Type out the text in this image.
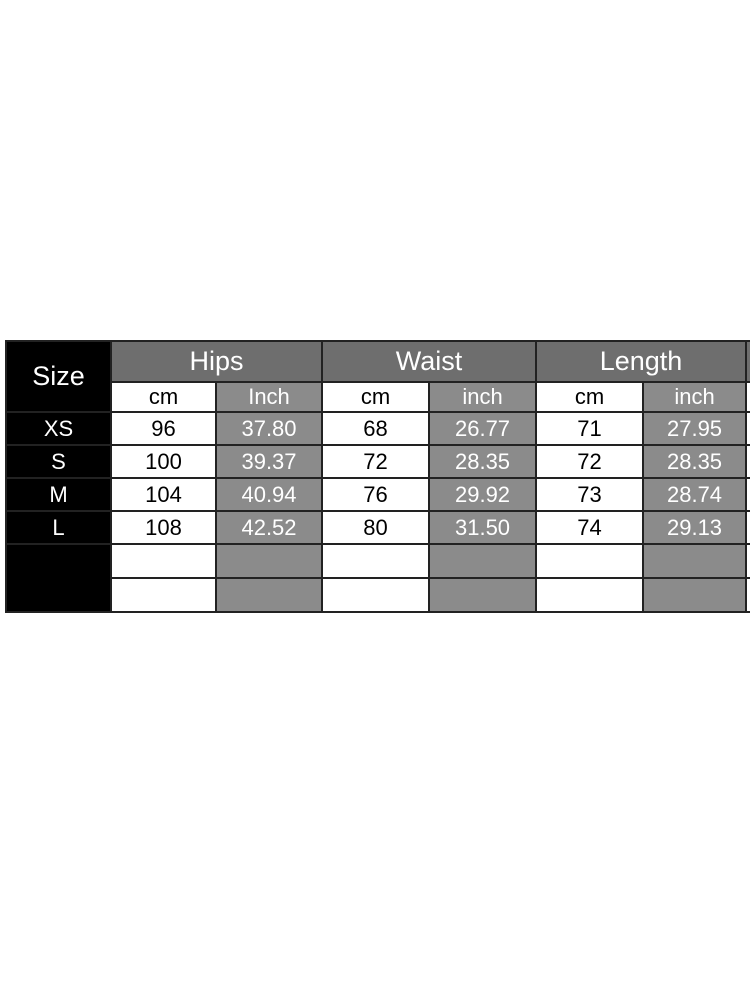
Size	Hips		Waist		Length		
	cm	Inch	cm	inch	cm	inch	
XS	96	37.80	68	26.77	71	27.95	
S	100	39.37	72	28.35	72	28.35	
M	104	40.94	76	29.92	73	28.74	
L	108	42.52	80	31.50	74	29.13	
